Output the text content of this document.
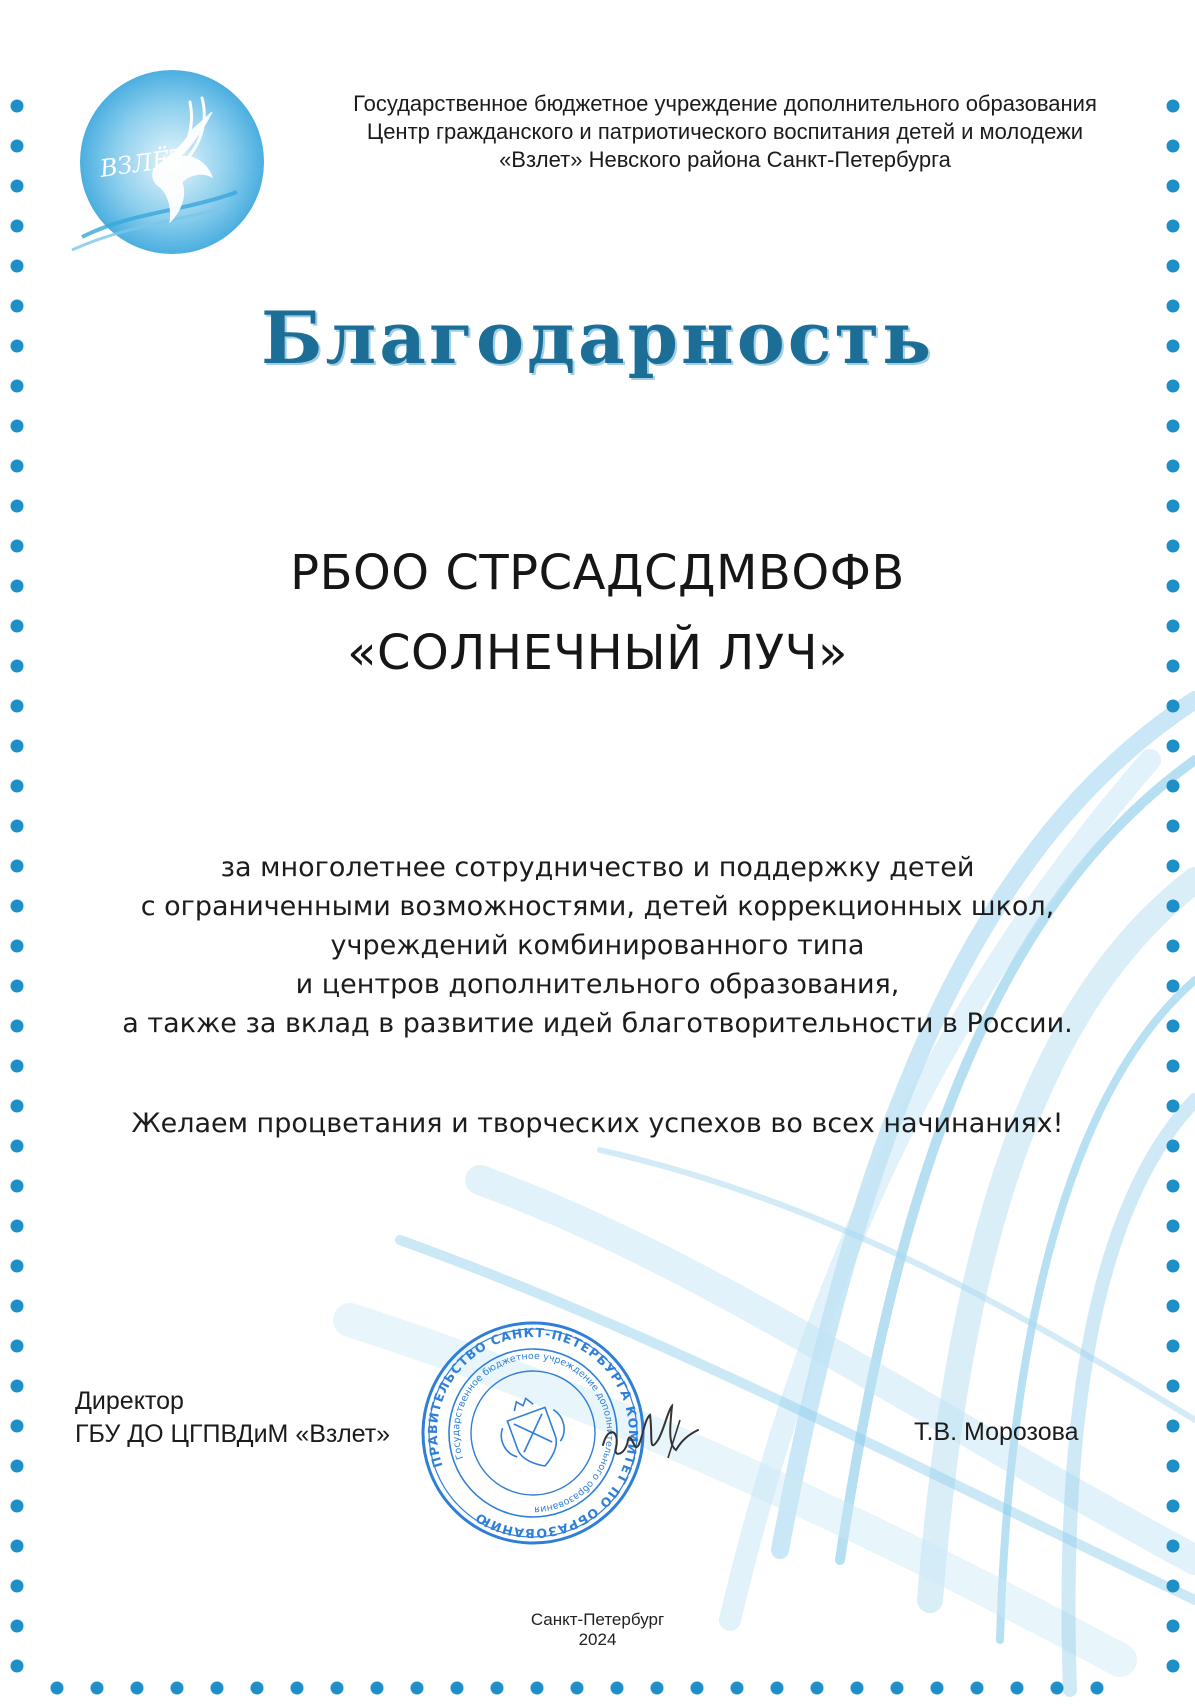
ВЗЛЁТ
Государственное бюджетное учреждение дополнительного образования
Центр гражданского и патриотического воспитания детей и молодежи
«Взлет» Невского района Санкт-Петербурга
Благодарность
РБОО СТРСАДСДМВОФВ
«СОЛНЕЧНЫЙ ЛУЧ»
за многолетнее сотрудничество и поддержку детей
с ограниченными возможностями, детей коррекционных школ,
учреждений комбинированного типа
и центров дополнительного образования,
а также за вклад в развитие идей благотворительности в России.
Желаем процветания и творческих успехов во всех начинаниях!
Директор
ГБУ ДО ЦГПВДиМ «Взлет»
ПРАВИТЕЛЬСТВО САНКТ-ПЕТЕРБУРГА КОМИТЕТ ПО ОБРАЗОВАНИЮ
Государственное бюджетное учреждение дополнительного образования
Т.В. Морозова
Санкт-Петербург
2024
